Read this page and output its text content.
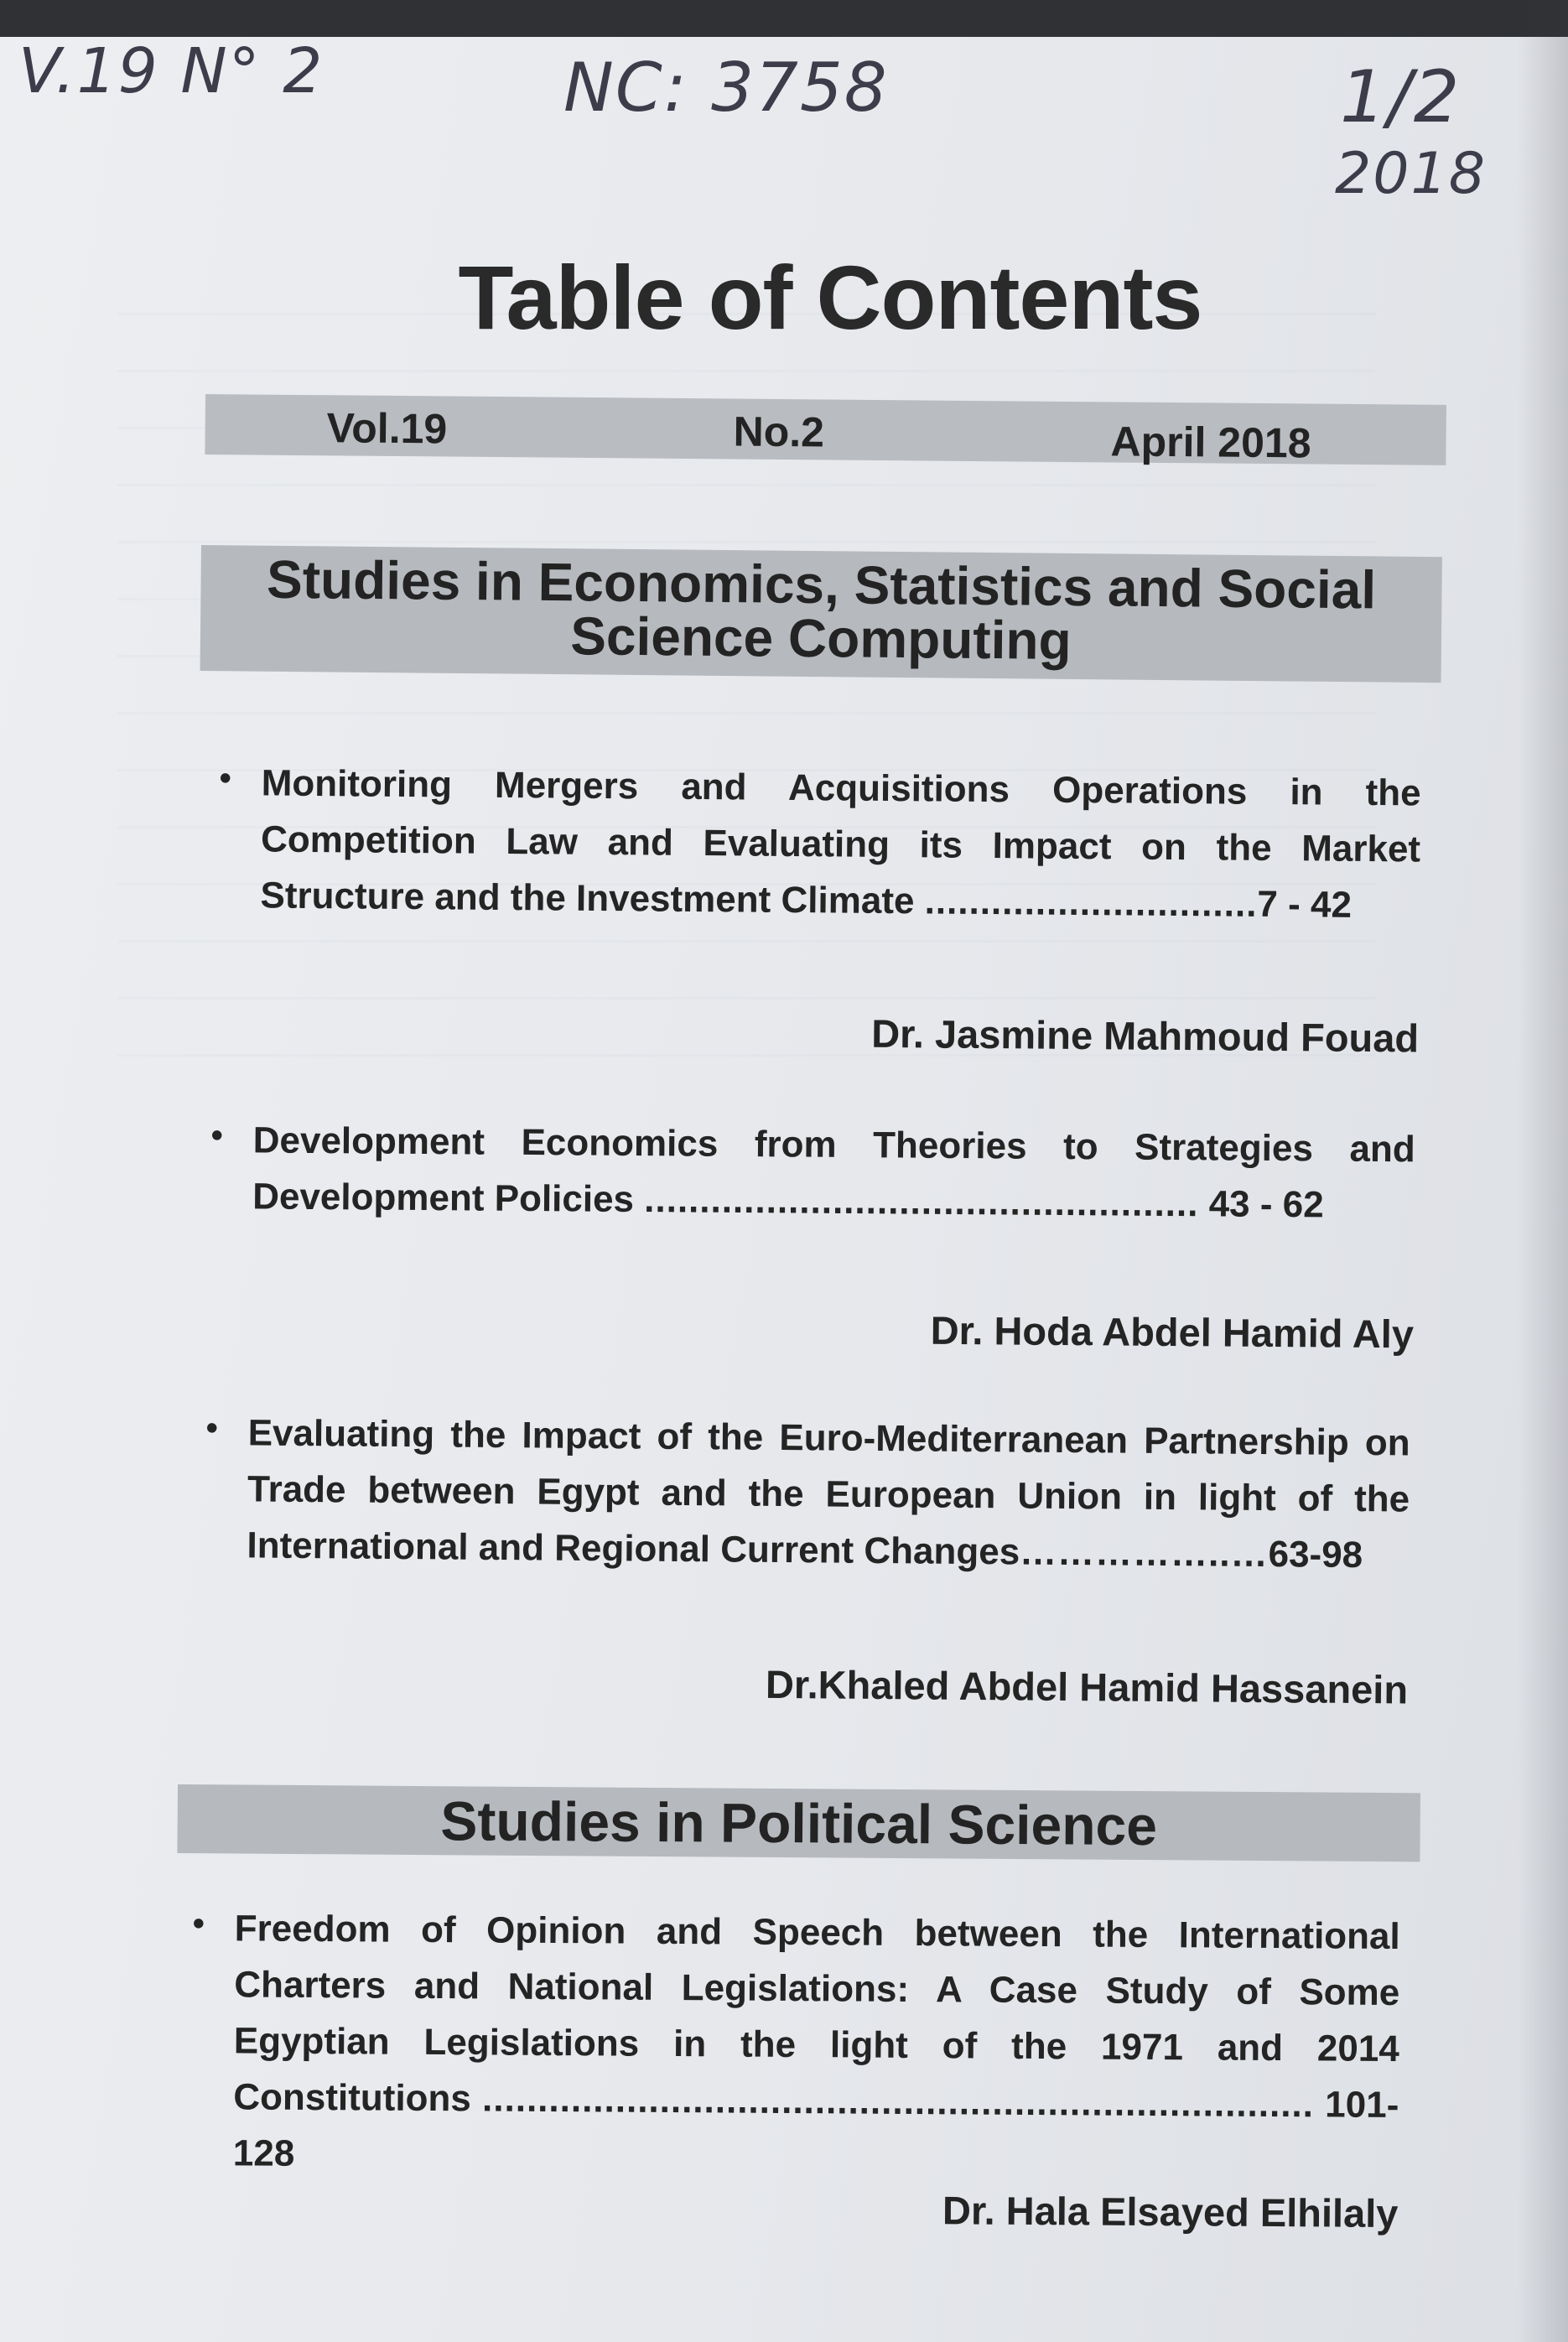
V.19 N° 2	NC: 3758	1/2
2018
Table of Contents
Vol.19	No.2	April 2018
Studies in Economics, Statistics and Social Science Computing
• Monitoring Mergers and Acquisitions Operations in the Competition Law and Evaluating its Impact on the Market Structure and the Investment Climate ..............................7 - 42

Dr. Jasmine Mahmoud Fouad
• Development Economics from Theories to Strategies and Development Policies .................................................. 43 - 62

Dr. Hoda Abdel Hamid Aly
• Evaluating the Impact of the Euro-Mediterranean Partnership on Trade between Egypt and the European Union in light of the International and Regional Current Changes……………..…63-98

Dr.Khaled Abdel Hamid Hassanein
Studies in Political Science
• Freedom of Opinion and Speech between the International Charters and National Legislations: A Case Study of Some Egyptian Legislations in the light of the 1971 and 2014 Constitutions ........................................................................... 101- 128

Dr. Hala Elsayed Elhilaly
